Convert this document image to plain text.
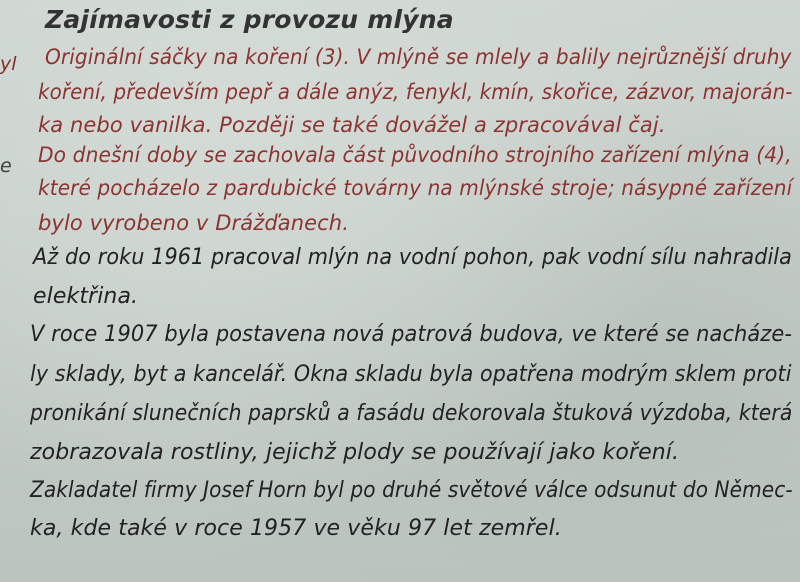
yl
e
Zajímavosti z provozu mlýna
Originální sáčky na koření (3). V mlýně se mlely a balily nejrůznější druhy
koření, především pepř a dále anýz, fenykl, kmín, skořice, zázvor, majorán-
ka nebo vanilka. Později se také dovážel a zpracovával čaj.
Do dnešní doby se zachovala část původního strojního zařízení mlýna (4),
které pocházelo z pardubické továrny na mlýnské stroje; násypné zařízení
bylo vyrobeno v Drážďanech.
Až do roku 1961 pracoval mlýn na vodní pohon, pak vodní sílu nahradila
elektřina.
V roce 1907 byla postavena nová patrová budova, ve které se nacháze-
ly sklady, byt a kancelář. Okna skladu byla opatřena modrým sklem proti
pronikání slunečních paprsků a fasádu dekorovala štuková výzdoba, která
zobrazovala rostliny, jejichž plody se používají jako koření.
Zakladatel firmy Josef Horn byl po druhé světové válce odsunut do Němec-
ka, kde také v roce 1957 ve věku 97 let zemřel.
